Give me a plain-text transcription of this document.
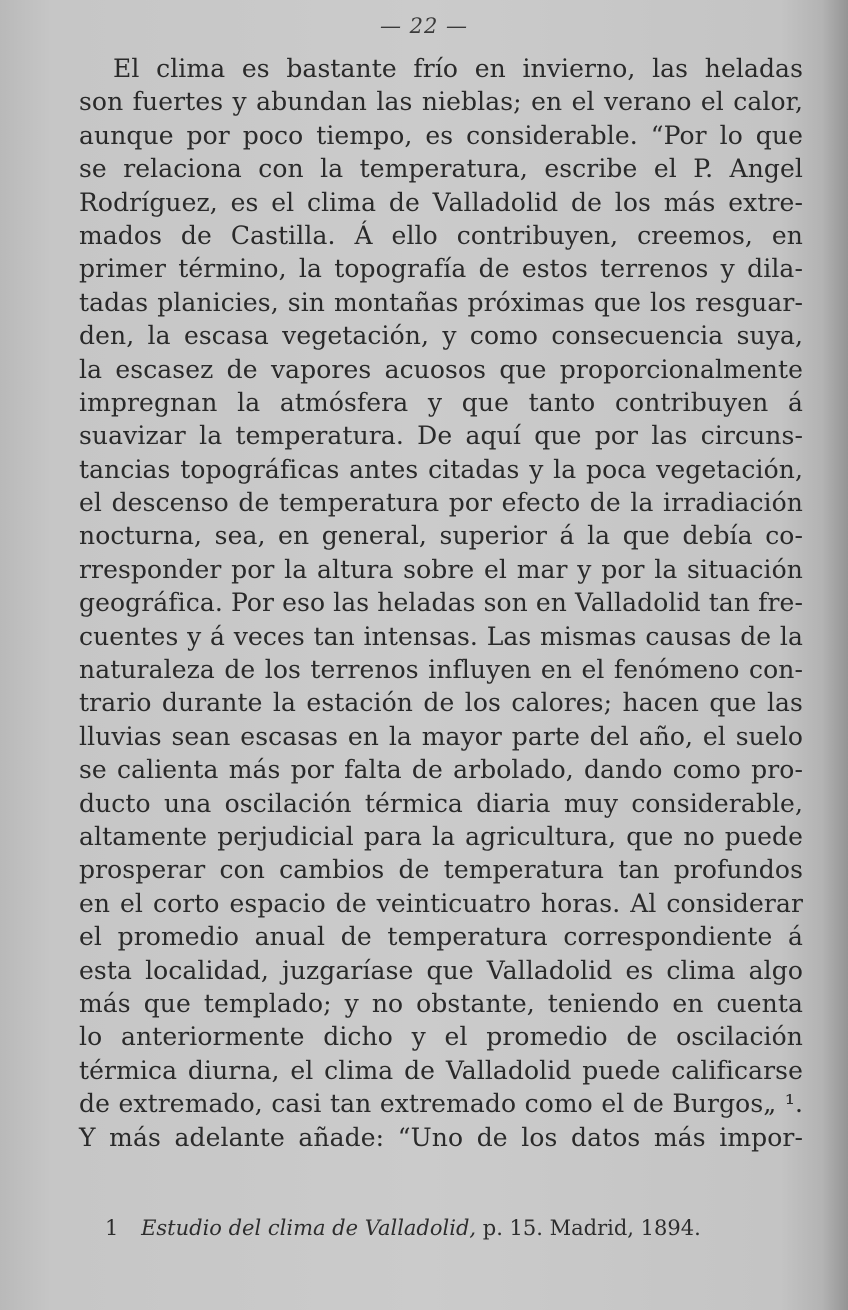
— 22 —
El clima es bastante frío en invierno, las heladas
son fuertes y abundan las nieblas; en el verano el calor,
aunque por poco tiempo, es considerable. “Por lo que
se relaciona con la temperatura, escribe el P. Angel
Rodríguez, es el clima de Valladolid de los más extre-
mados de Castilla. Á ello contribuyen, creemos, en
primer término, la topografía de estos terrenos y dila-
tadas planicies, sin montañas próximas que los resguar-
den, la escasa vegetación, y como consecuencia suya,
la escasez de vapores acuosos que proporcionalmente
impregnan la atmósfera y que tanto contribuyen á
suavizar la temperatura. De aquí que por las circuns-
tancias topográficas antes citadas y la poca vegetación,
el descenso de temperatura por efecto de la irradiación
nocturna, sea, en general, superior á la que debía co-
rresponder por la altura sobre el mar y por la situación
geográfica. Por eso las heladas son en Valladolid tan fre-
cuentes y á veces tan intensas. Las mismas causas de la
naturaleza de los terrenos influyen en el fenómeno con-
trario durante la estación de los calores; hacen que las
lluvias sean escasas en la mayor parte del año, el suelo
se calienta más por falta de arbolado, dando como pro-
ducto una oscilación térmica diaria muy considerable,
altamente perjudicial para la agricultura, que no puede
prosperar con cambios de temperatura tan profundos
en el corto espacio de veinticuatro horas. Al considerar
el promedio anual de temperatura correspondiente á
esta localidad, juzgaríase que Valladolid es clima algo
más que templado; y no obstante, teniendo en cuenta
lo anteriormente dicho y el promedio de oscilación
térmica diurna, el clima de Valladolid puede calificarse
de extremado, casi tan extremado como el de Burgos„ ¹.
Y más adelante añade: “Uno de los datos más impor-
1 Estudio del clima de Valladolid, p. 15. Madrid, 1894.
